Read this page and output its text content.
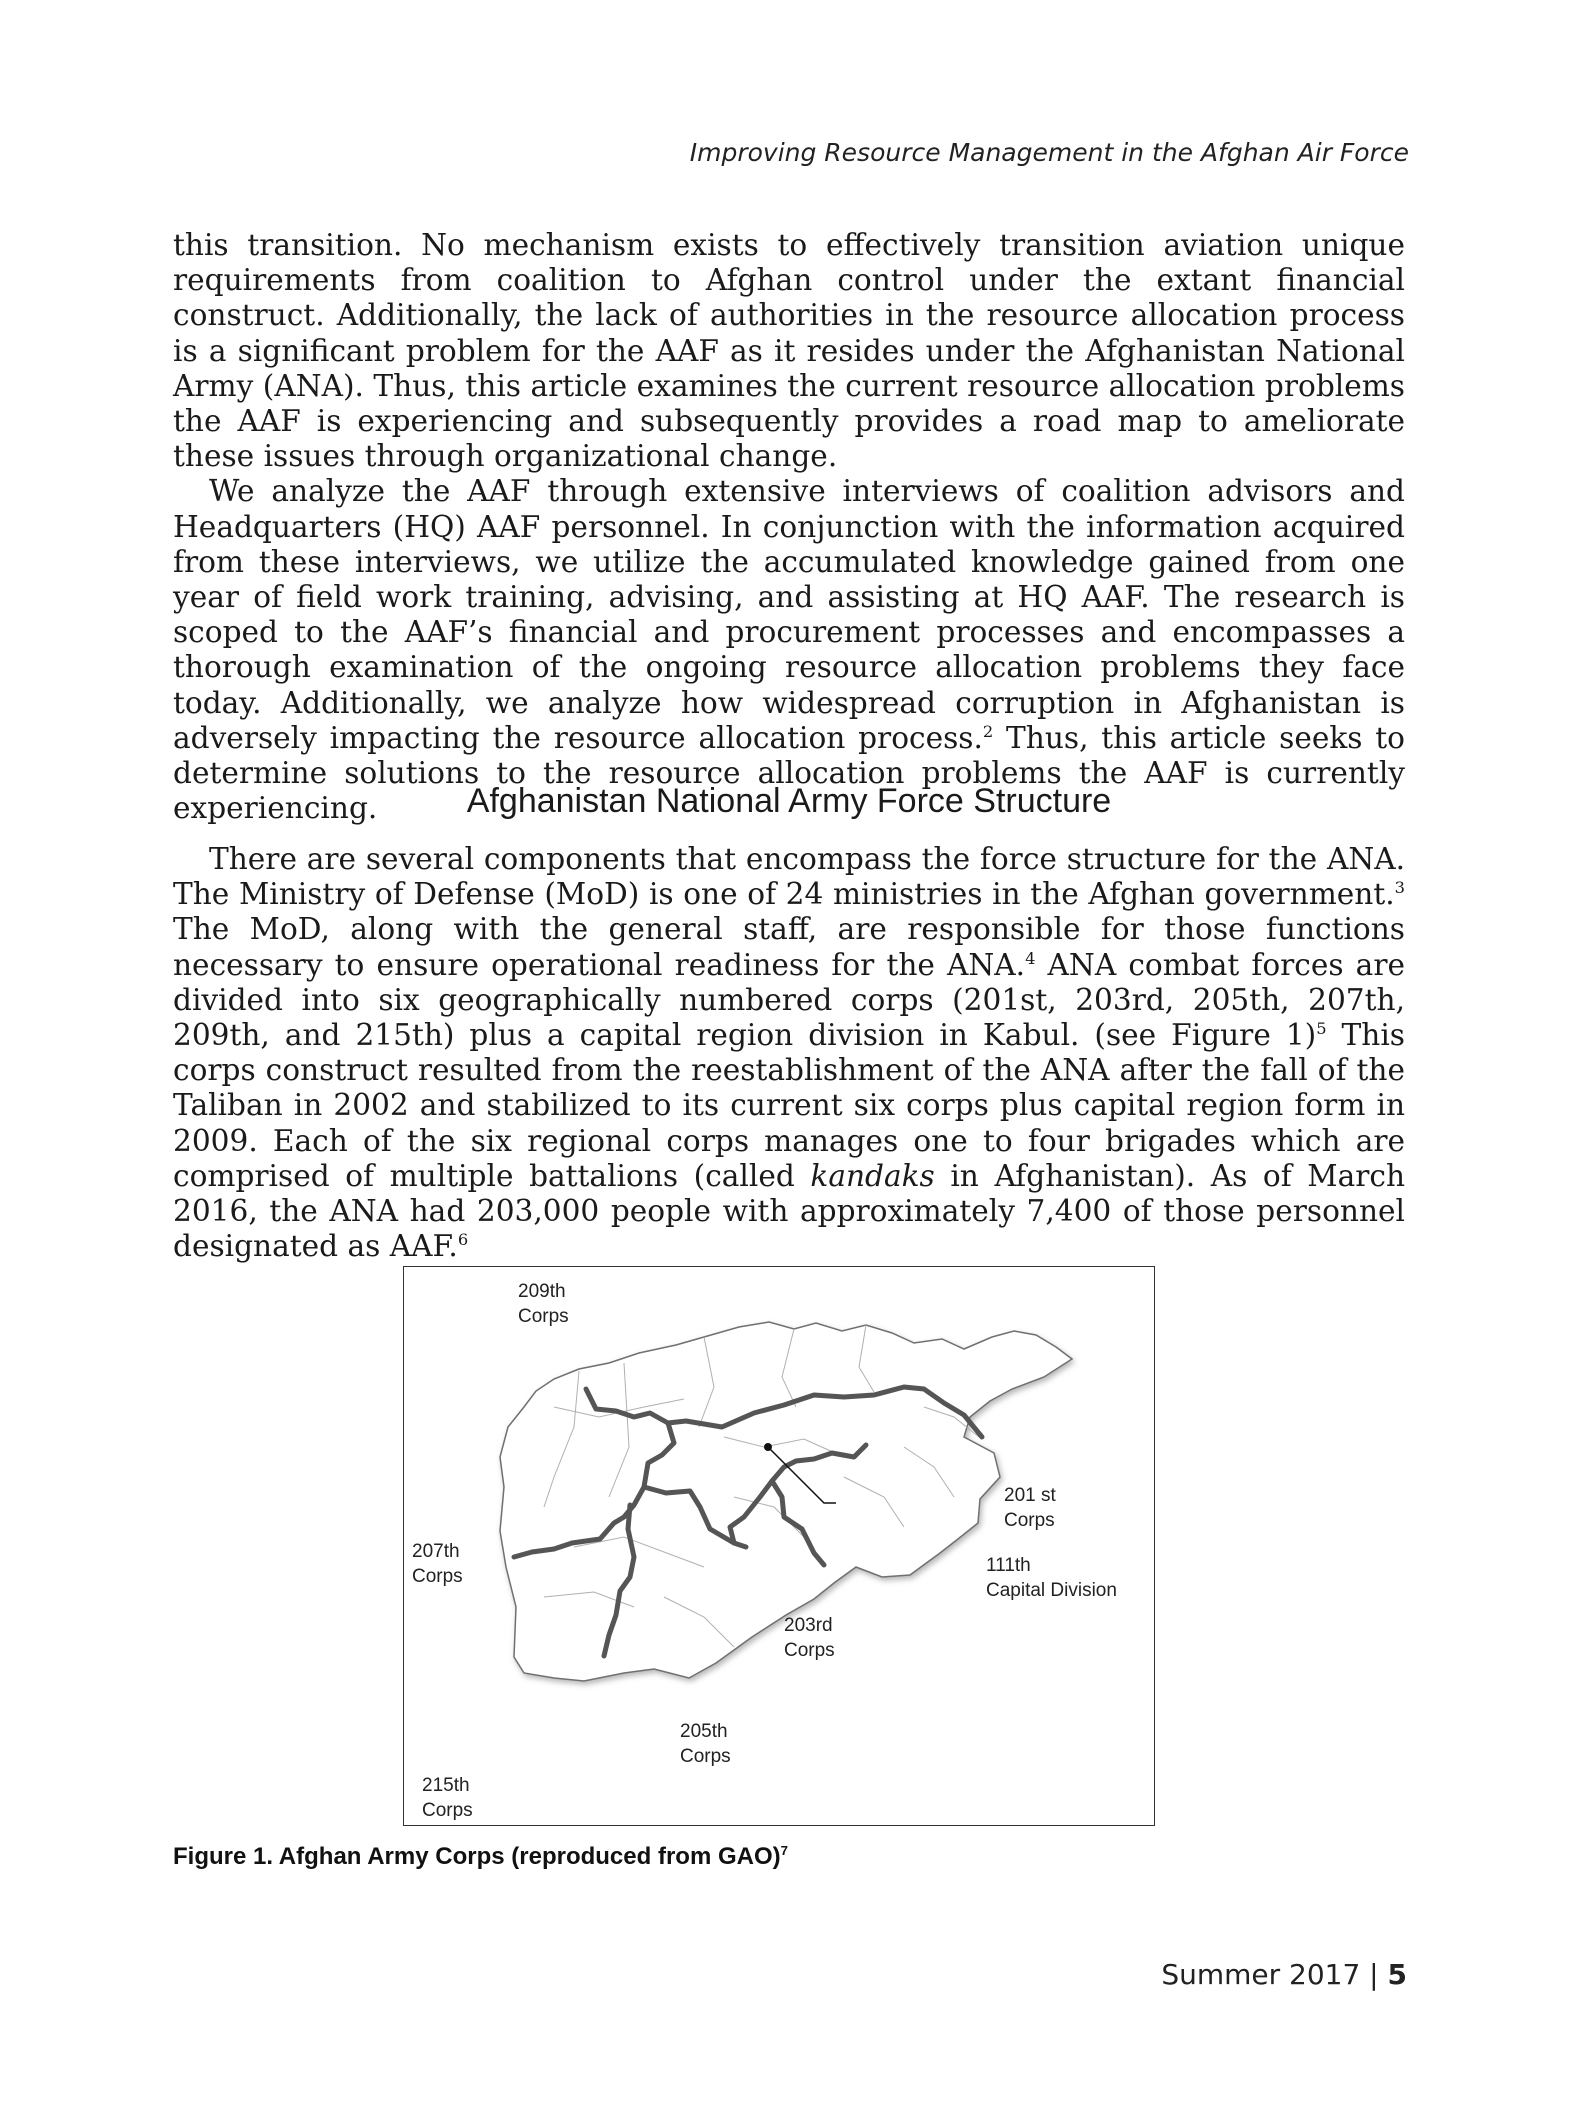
Improving Resource Management in the Afghan Air Force

this transition. No mechanism exists to effectively transition aviation unique requirements from coalition to Afghan control under the extant financial construct. Additionally, the lack of authorities in the resource allocation process is a significant problem for the AAF as it resides under the Afghanistan National Army (ANA). Thus, this article examines the current resource allocation problems the AAF is experiencing and subsequently provides a road map to ameliorate these issues through organizational change.

We analyze the AAF through extensive interviews of coalition advisors and Headquarters (HQ) AAF personnel. In conjunction with the information acquired from these interviews, we utilize the accumulated knowledge gained from one year of field work training, advising, and assisting at HQ AAF. The research is scoped to the AAF’s financial and procurement processes and encompasses a thorough examination of the ongoing resource allocation problems they face today. Additionally, we analyze how widespread corruption in Afghanistan is adversely impacting the resource allocation process.$^2$ Thus, this article seeks to determine solutions to the resource allocation problems the AAF is currently experiencing.	Afghanistan National Army Force Structure

There are several components that encompass the force structure for the ANA. The Ministry of Defense (MoD) is one of 24 ministries in the Afghan government.$^3$ The MoD, along with the general staff, are responsible for those functions necessary to ensure operational readiness for the ANA.$^4$ ANA combat forces are divided into six geographically numbered corps (201st, 203rd, 205th, 207th, 209th, and 215th) plus a capital region division in Kabul. (see Figure 1)$^5$ This corps construct resulted from the reestablishment of the ANA after the fall of the Taliban in 2002 and stabilized to its current six corps plus capital region form in 2009. Each of the six regional corps manages one to four brigades which are comprised of multiple battalions (called kandaks in Afghanistan). As of March 2016, the ANA had 203,000 people with approximately 7,400 of those personnel designated as AAF.$^6$

209th
Corps
201 st
Corps
207th
Corps
111th
Capital Division
203rd
Corps
205th
Corps
215th
Corps
Figure 1. Afghan Army Corps (reproduced from GAO)$^7$
Summer 2017 | 5
